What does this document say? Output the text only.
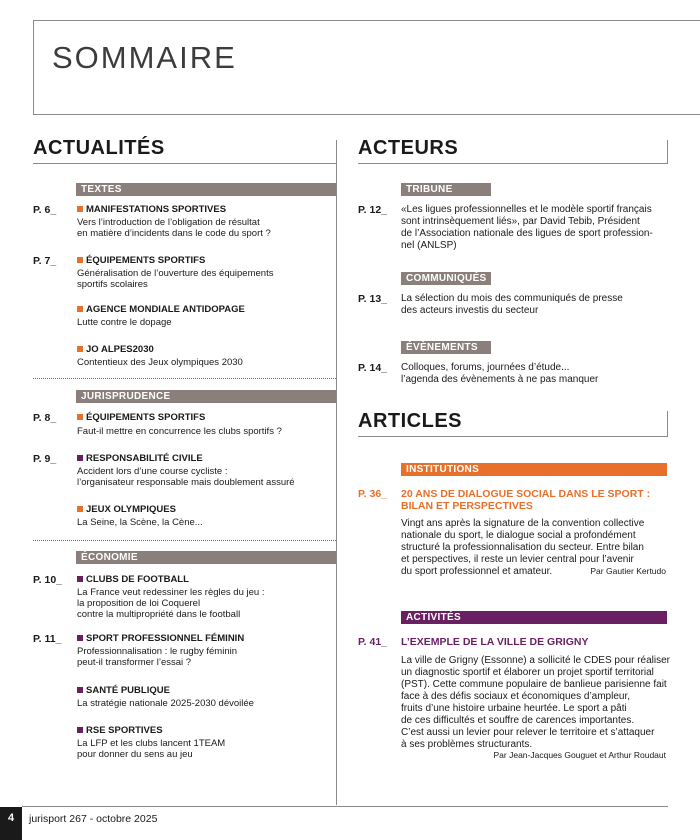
SOMMAIRE
ACTUALITÉS	ACTEURS
TEXTES
P. 6_	MANIFESTATIONS SPORTIVES
Vers l’introduction de l’obligation de résultat
en matière d’incidents dans le code du sport ?
P. 7_	ÉQUIPEMENTS SPORTIFS
Généralisation de l’ouverture des équipements
sportifs scolaires
AGENCE MONDIALE ANTIDOPAGE
Lutte contre le dopage
JO ALPES2030
Contentieux des Jeux olympiques 2030
JURISPRUDENCE
P. 8_	ÉQUIPEMENTS SPORTIFS
Faut-il mettre en concurrence les clubs sportifs ?
P. 9_	RESPONSABILITÉ CIVILE
Accident lors d’une course cycliste :
l’organisateur responsable mais doublement assuré
JEUX OLYMPIQUES
La Seine, la Scène, la Cène...
ÉCONOMIE
P. 10_	CLUBS DE FOOTBALL
La France veut redessiner les règles du jeu :
la proposition de loi Coquerel
contre la multipropriété dans le football
P. 11_	SPORT PROFESSIONNEL FÉMININ
Professionnalisation : le rugby féminin
peut-il transformer l’essai ?
SANTÉ PUBLIQUE
La stratégie nationale 2025-2030 dévoilée
RSE SPORTIVES
La LFP et les clubs lancent 1TEAM
pour donner du sens au jeu
TRIBUNE
P. 12_ «Les ligues professionnelles et le modèle sportif français
sont intrinsèquement liés», par David Tebib, Président
de l’Association nationale des ligues de sport profession-
nel (ANLSP)
COMMUNIQUÉS
P. 13_ La sélection du mois des communiqués de presse
des acteurs investis du secteur
ÉVÈNEMENTS
P. 14_ Colloques, forums, journées d’étude...
l’agenda des évènements à ne pas manquer
ARTICLES
INSTITUTIONS
P. 36_ 20 ANS DE DIALOGUE SOCIAL DANS LE SPORT :
BILAN ET PERSPECTIVES
Vingt ans après la signature de la convention collective
nationale du sport, le dialogue social a profondément
structuré la professionnalisation du secteur. Entre bilan
et perspectives, il reste un levier central pour l’avenir
du sport professionnel et amateur.	Par Gautier Kertudo
ACTIVITÉS
P. 41_ L’EXEMPLE DE LA VILLE DE GRIGNY
La ville de Grigny (Essonne) a sollicité le CDES pour réaliser
un diagnostic sportif et élaborer un projet sportif territorial
(PST). Cette commune populaire de banlieue parisienne fait
face à des défis sociaux et économiques d’ampleur,
fruits d’une histoire urbaine heurtée. Le sport a pâti
de ces difficultés et souffre de carences importantes.
C’est aussi un levier pour relever le territoire et s’attaquer
à ses problèmes structurants.
Par Jean-Jacques Gouguet et Arthur Roudaut
4	jurisport 267 - octobre 2025
